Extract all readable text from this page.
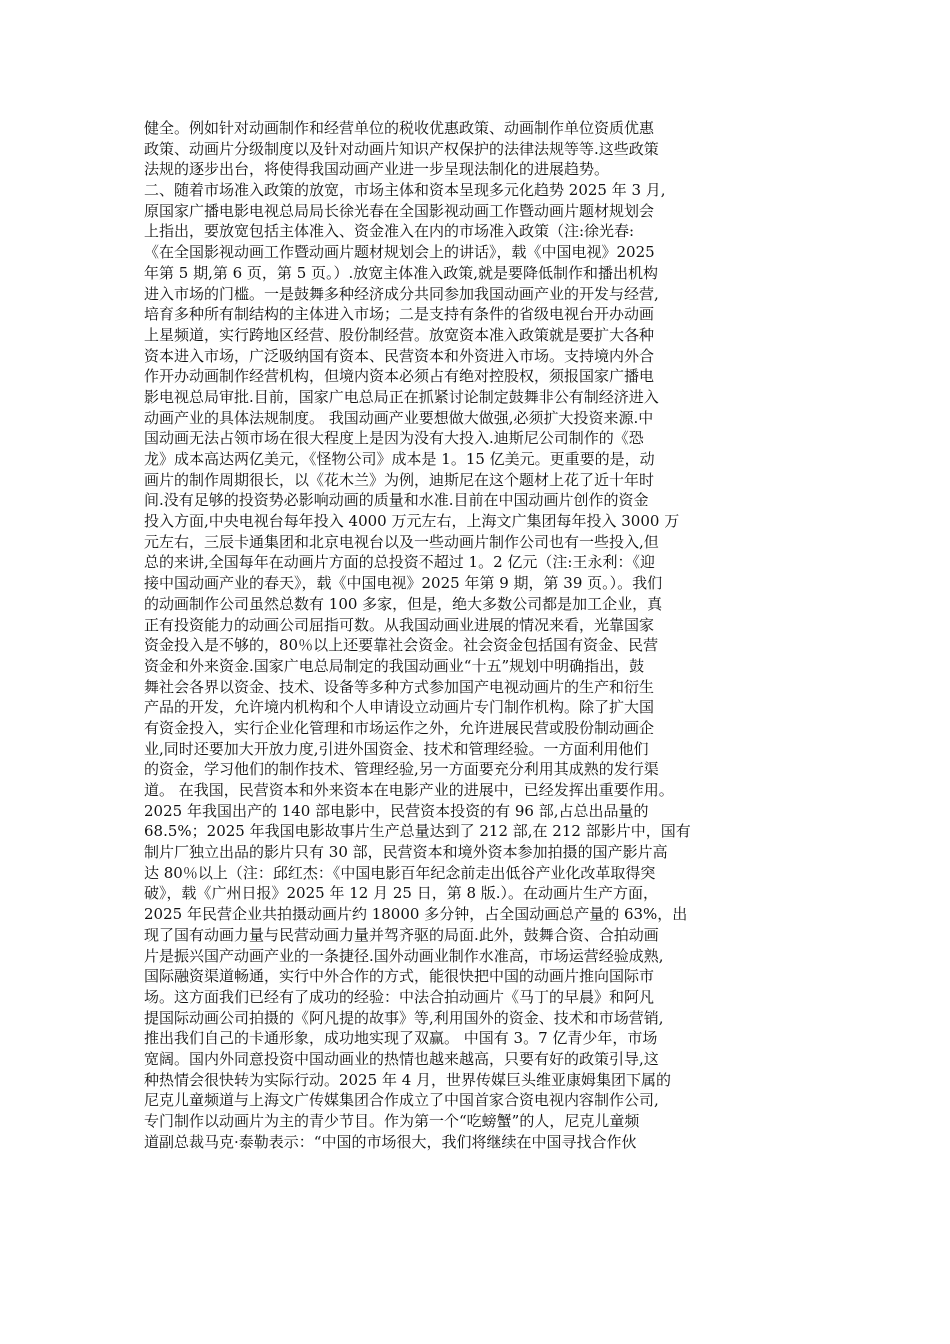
健全。例如针对动画制作和经营单位的税收优惠政策、动画制作单位资质优惠
政策、动画片分级制度以及针对动画片知识产权保护的法律法规等等.这些政策
法规的逐步出台，将使得我国动画产业进一步呈现法制化的进展趋势。
二、随着市场准入政策的放宽，市场主体和资本呈现多元化趋势 2025 年 3 月,
原国家广播电影电视总局局长徐光春在全国影视动画工作暨动画片题材规划会
上指出，要放宽包括主体准入、资金准入在内的市场准入政策（注:徐光春:
《在全国影视动画工作暨动画片题材规划会上的讲话》，载《中国电视》2025
年第 5 期,第 6 页，第 5 页。）.放宽主体准入政策,就是要降低制作和播出机构
进入市场的门槛。一是鼓舞多种经济成分共同参加我国动画产业的开发与经营,
培育多种所有制结构的主体进入市场；二是支持有条件的省级电视台开办动画
上星频道，实行跨地区经营、股份制经营。放宽资本准入政策就是要扩大各种
资本进入市场，广泛吸纳国有资本、民营资本和外资进入市场。支持境内外合
作开办动画制作经营机构，但境内资本必须占有绝对控股权，须报国家广播电
影电视总局审批.目前，国家广电总局正在抓紧讨论制定鼓舞非公有制经济进入
动画产业的具体法规制度。 我国动画产业要想做大做强,必须扩大投资来源.中
国动画无法占领市场在很大程度上是因为没有大投入.迪斯尼公司制作的《恐
龙》成本高达两亿美元，《怪物公司》成本是 1。15 亿美元。更重要的是，动
画片的制作周期很长，以《花木兰》为例，迪斯尼在这个题材上花了近十年时
间.没有足够的投资势必影响动画的质量和水准.目前在中国动画片创作的资金
投入方面,中央电视台每年投入 4000 万元左右，上海文广集团每年投入 3000 万
元左右，三辰卡通集团和北京电视台以及一些动画片制作公司也有一些投入,但
总的来讲,全国每年在动画片方面的总投资不超过 1。2 亿元（注:王永利：《迎
接中国动画产业的春天》，载《中国电视》2025 年第 9 期，第 39 页。）。我们
的动画制作公司虽然总数有 100 多家，但是，绝大多数公司都是加工企业，真
正有投资能力的动画公司屈指可数。从我国动画业进展的情况来看，光靠国家
资金投入是不够的，80％以上还要靠社会资金。社会资金包括国有资金、民营
资金和外来资金.国家广电总局制定的我国动画业“十五”规划中明确指出，鼓
舞社会各界以资金、技术、设备等多种方式参加国产电视动画片的生产和衍生
产品的开发，允许境内机构和个人申请设立动画片专门制作机构。除了扩大国
有资金投入，实行企业化管理和市场运作之外，允许进展民营或股份制动画企
业,同时还要加大开放力度,引进外国资金、技术和管理经验。一方面利用他们
的资金，学习他们的制作技术、管理经验,另一方面要充分利用其成熟的发行渠
道。 在我国，民营资本和外来资本在电影产业的进展中，已经发挥出重要作用。
2025 年我国出产的 140 部电影中，民营资本投资的有 96 部,占总出品量的
68.5%；2025 年我国电影故事片生产总量达到了 212 部,在 212 部影片中，国有
制片厂独立出品的影片只有 30 部，民营资本和境外资本参加拍摄的国产影片高
达 80％以上（注：邱红杰：《中国电影百年纪念前走出低谷产业化改革取得突
破》，载《广州日报》2025 年 12 月 25 日，第 8 版.）。在动画片生产方面，
2025 年民营企业共拍摄动画片约 18000 多分钟，占全国动画总产量的 63%，出
现了国有动画力量与民营动画力量并驾齐驱的局面.此外，鼓舞合资、合拍动画
片是振兴国产动画产业的一条捷径.国外动画业制作水准高，市场运营经验成熟,
国际融资渠道畅通，实行中外合作的方式，能很快把中国的动画片推向国际市
场。这方面我们已经有了成功的经验：中法合拍动画片《马丁的早晨》和阿凡
提国际动画公司拍摄的《阿凡提的故事》等,利用国外的资金、技术和市场营销,
推出我们自己的卡通形象，成功地实现了双赢。 中国有 3。7 亿青少年，市场
宽阔。国内外同意投资中国动画业的热情也越来越高，只要有好的政策引导,这
种热情会很快转为实际行动。2025 年 4 月，世界传媒巨头维亚康姆集团下属的
尼克儿童频道与上海文广传媒集团合作成立了中国首家合资电视内容制作公司,
专门制作以动画片为主的青少节目。作为第一个“吃螃蟹”的人，尼克儿童频
道副总裁马克·泰勒表示：“中国的市场很大，我们将继续在中国寻找合作伙
